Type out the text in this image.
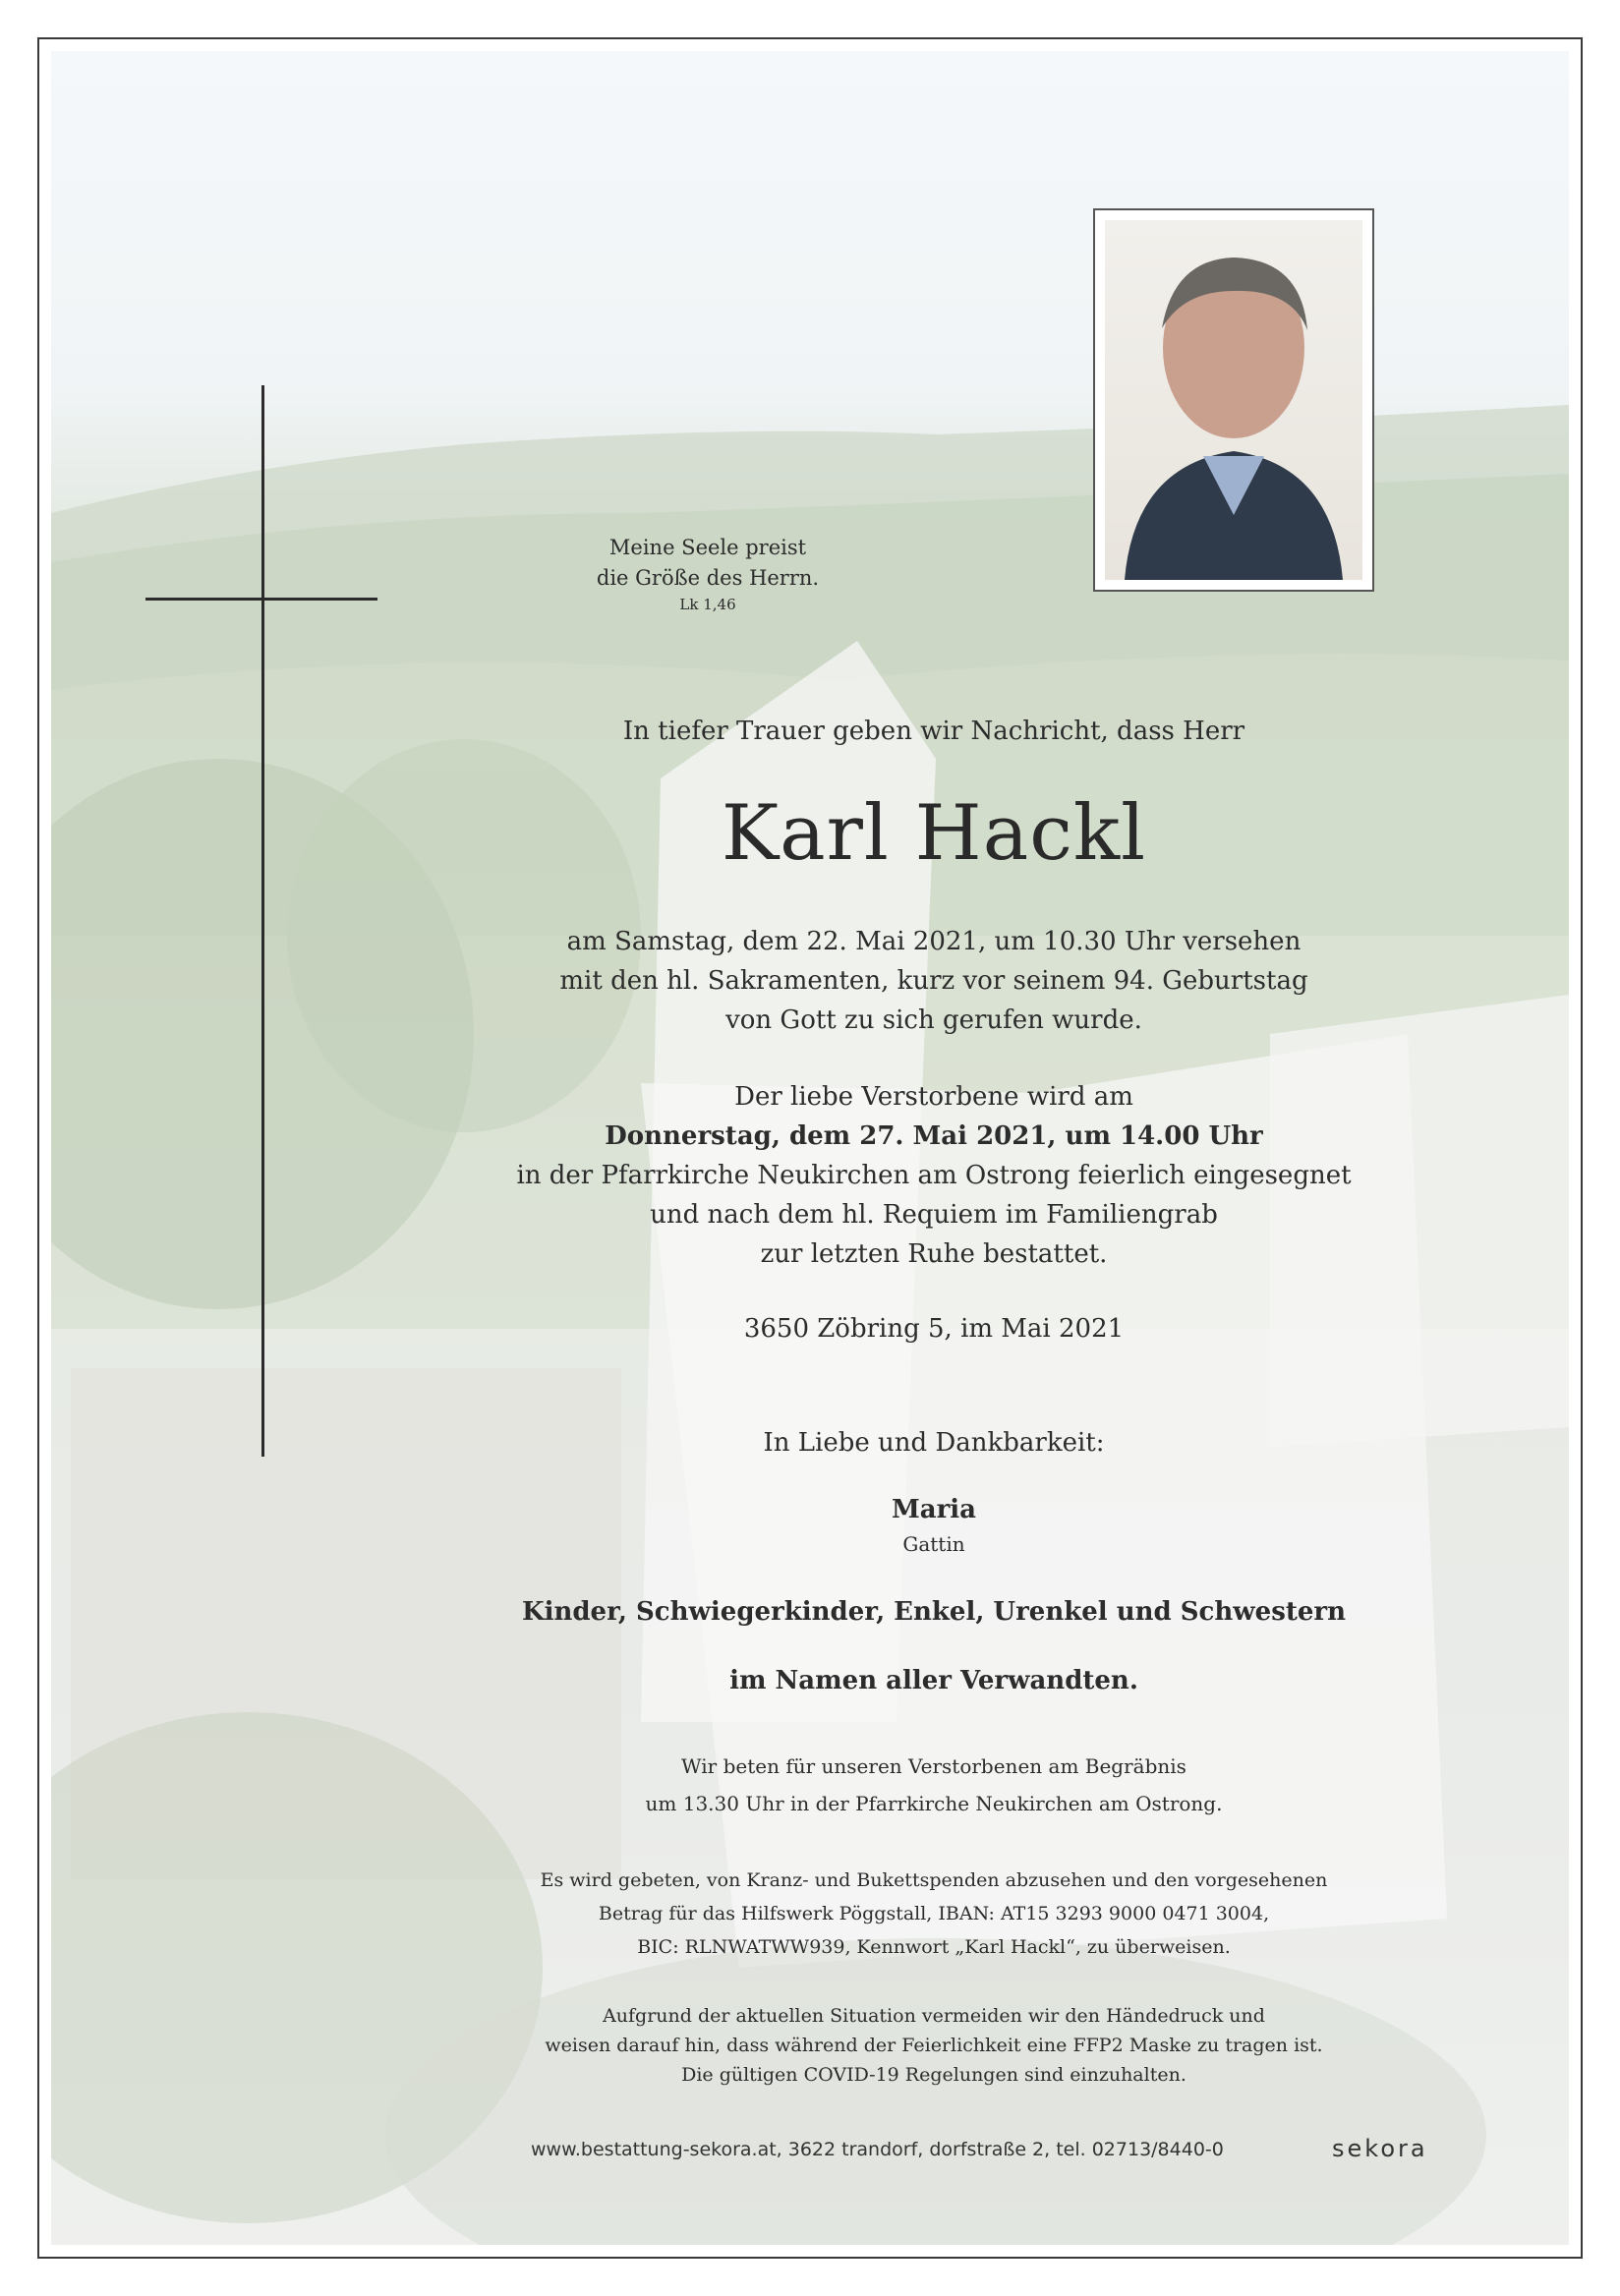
Meine Seele preist
die Größe des Herrn.
Lk 1,46
In tiefer Trauer geben wir Nachricht, dass Herr
Karl Hackl
am Samstag, dem 22. Mai 2021, um 10.30 Uhr versehen
mit den hl. Sakramenten, kurz vor seinem 94. Geburtstag
von Gott zu sich gerufen wurde.
Der liebe Verstorbene wird am
Donnerstag, dem 27. Mai 2021, um 14.00 Uhr
in der Pfarrkirche Neukirchen am Ostrong feierlich eingesegnet
und nach dem hl. Requiem im Familiengrab
zur letzten Ruhe bestattet.
3650 Zöbring 5, im Mai 2021
In Liebe und Dankbarkeit:
Maria
Gattin
Kinder, Schwiegerkinder, Enkel, Urenkel und Schwestern
im Namen aller Verwandten.
Wir beten für unseren Verstorbenen am Begräbnis
um 13.30 Uhr in der Pfarrkirche Neukirchen am Ostrong.
Es wird gebeten, von Kranz- und Bukettspenden abzusehen und den vorgesehenen
Betrag für das Hilfswerk Pöggstall, IBAN: AT15 3293 9000 0471 3004,
BIC: RLNWATWW939, Kennwort „Karl Hackl“, zu überweisen.
Aufgrund der aktuellen Situation vermeiden wir den Händedruck und
weisen darauf hin, dass während der Feierlichkeit eine FFP2 Maske zu tragen ist.
Die gültigen COVID-19 Regelungen sind einzuhalten.
www.bestattung-sekora.at, 3622 trandorf, dorfstraße 2, tel. 02713/8440-0	sekora
